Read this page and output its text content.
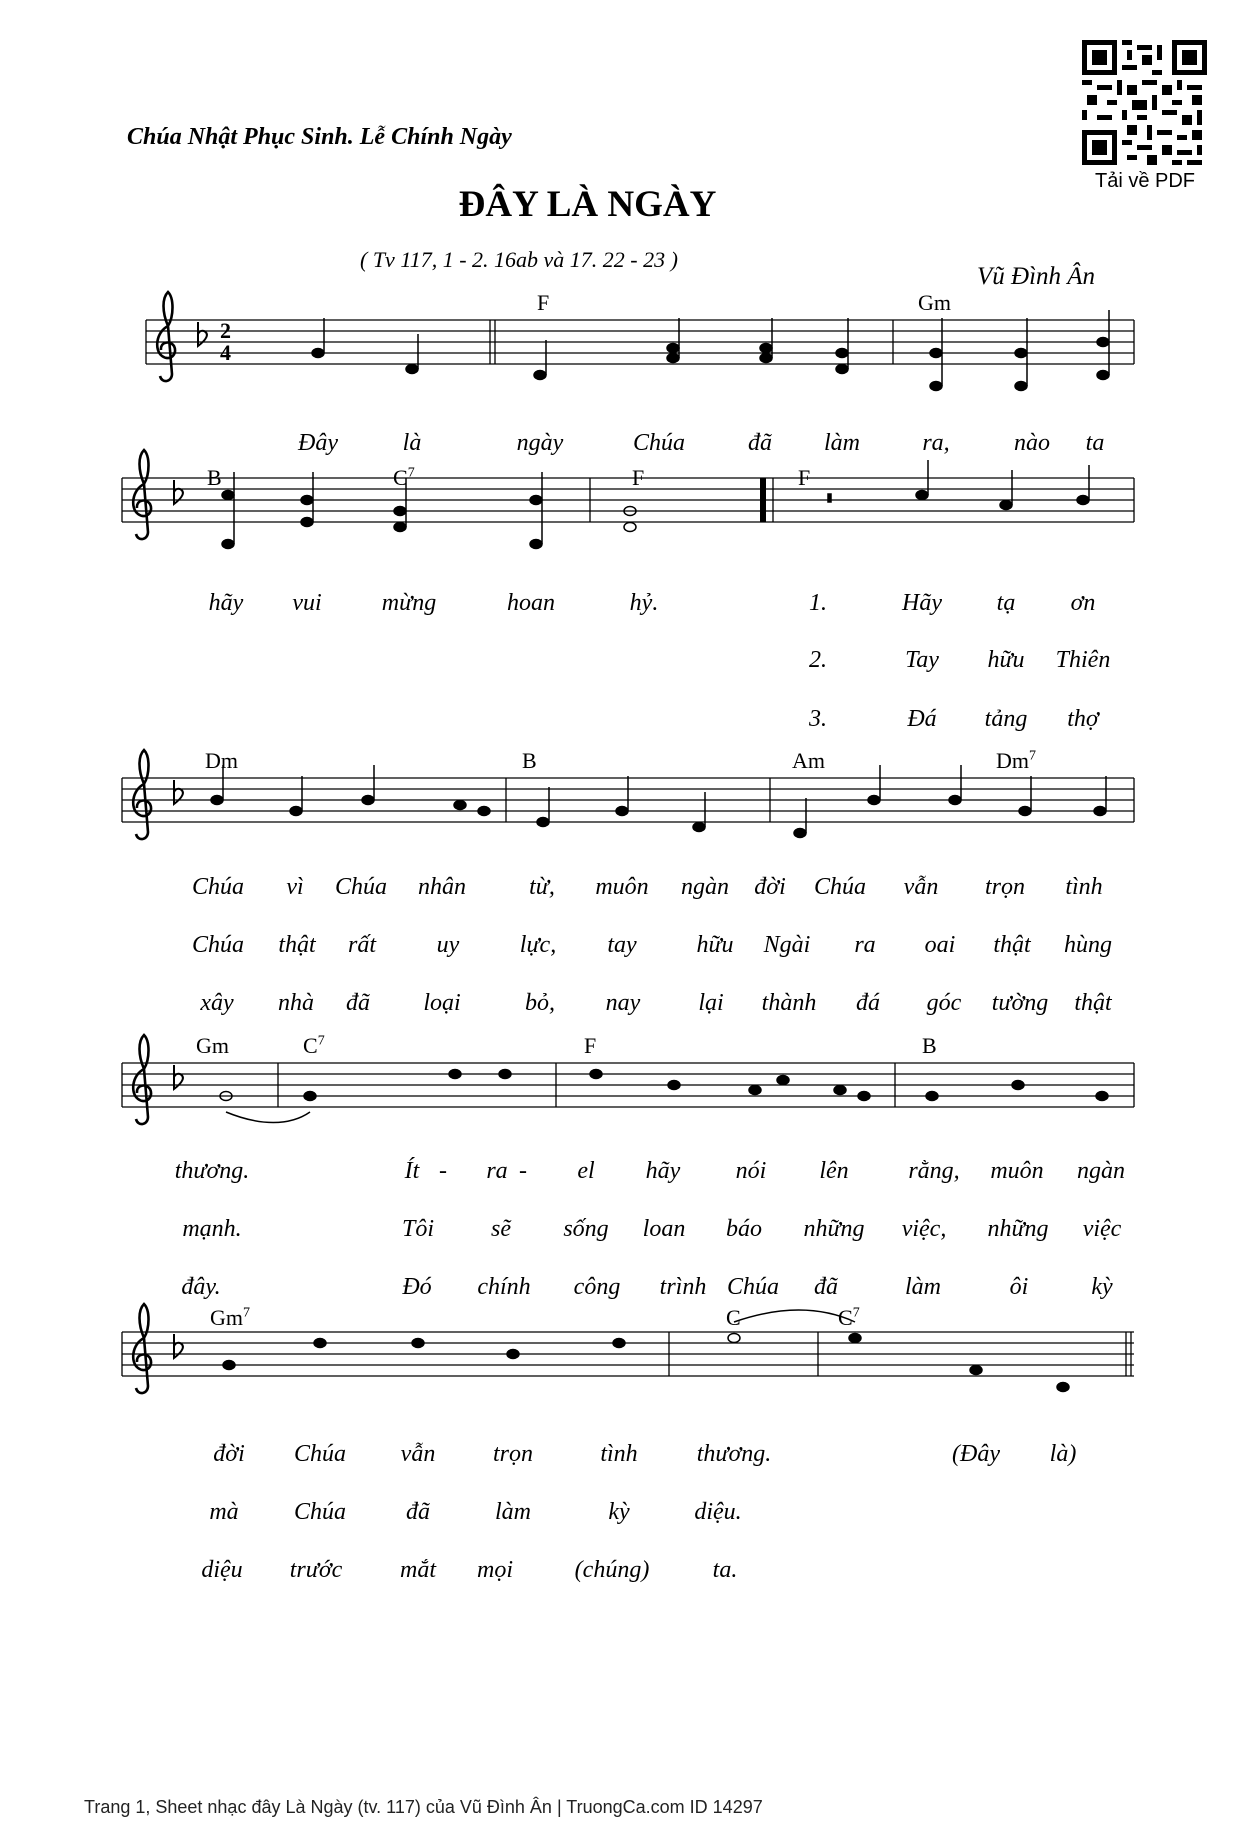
Chúa Nhật Phục Sinh. Lễ Chính Ngày
ĐÂY LÀ NGÀY
( Tv 117, 1 - 2. 16ab và 17. 22 - 23 )
Vũ Đình Ân
Tải về PDF
2
4
F	Gm
B	$C^7$	F	F
Dm	B	Am	Dm$^7$
Gm	$C^7$	F	B
Gm$^7$	C	$C^7$
Đây	là	ngày	Chúa	đã làm	ra,	nào ta
hãy vui	mừng	hoan	hỷ.	1.	Hãy tạ ơn
2.	Tay hữu Thiên
3.	Đá tảng thợ
Chúa vì Chúa nhân	từ, muôn ngàn đời Chúa vẫn trọn tình
Chúa thật rất	uy	lực, tay hữu Ngài ra oai thật hùng
xây nhà đã loại	bỏ, nay lại thành đá góc tường thật
thương.	Ít - ra - el hãy nói lên rằng, muôn ngàn
mạnh.	Tôi sẽ sống loan báo những việc, những việc
đây.	Đó chính công trình Chúa đã	làm	ôi	kỳ
đời Chúa vẫn trọn	tình thương.	(Đây là)
mà Chúa đã	làm	kỳ	diệu.
diệu trước mắt mọi	(chúng)	ta.
Trang 1, Sheet nhạc đây Là Ngày (tv. 117) của Vũ Đình Ân | TruongCa.com ID 14297
